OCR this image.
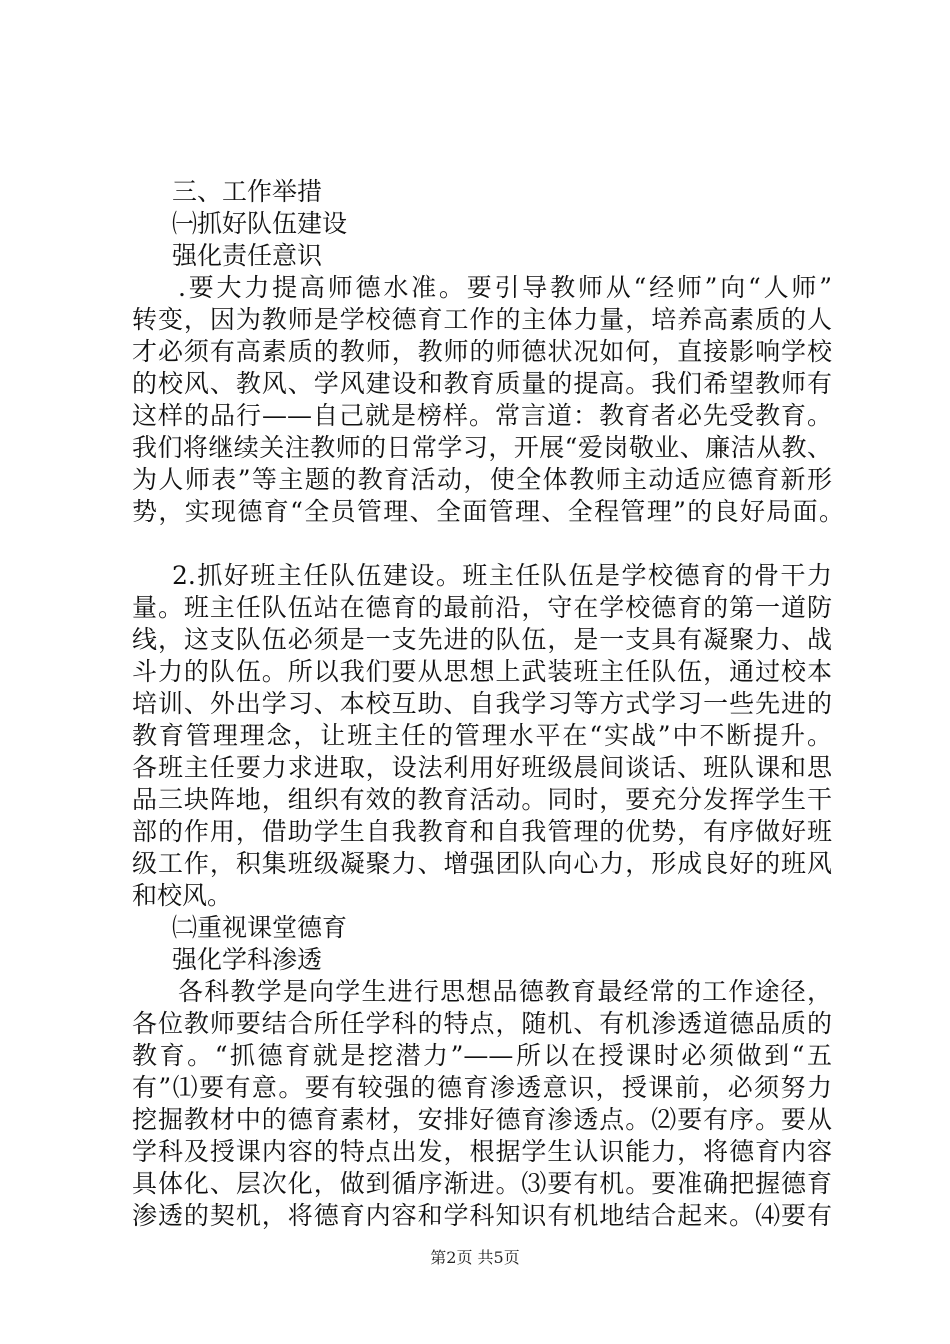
三、工作举措
㈠抓好队伍建设
强化责任意识
.要大力提高师德水准。要引导教师从“经师”向“人师”
转变，因为教师是学校德育工作的主体力量，培养高素质的人
才必须有高素质的教师，教师的师德状况如何，直接影响学校
的校风、教风、学风建设和教育质量的提高。我们希望教师有
这样的品行——自己就是榜样。常言道：教育者必先受教育。
我们将继续关注教师的日常学习，开展“爱岗敬业、廉洁从教、
为人师表”等主题的教育活动，使全体教师主动适应德育新形
势，实现德育“全员管理、全面管理、全程管理”的良好局面。
2.抓好班主任队伍建设。班主任队伍是学校德育的骨干力
量。班主任队伍站在德育的最前沿，守在学校德育的第一道防
线，这支队伍必须是一支先进的队伍，是一支具有凝聚力、战
斗力的队伍。所以我们要从思想上武装班主任队伍，通过校本
培训、外出学习、本校互助、自我学习等方式学习一些先进的
教育管理理念，让班主任的管理水平在“实战”中不断提升。
各班主任要力求进取，设法利用好班级晨间谈话、班队课和思
品三块阵地，组织有效的教育活动。同时，要充分发挥学生干
部的作用，借助学生自我教育和自我管理的优势，有序做好班
级工作，积集班级凝聚力、增强团队向心力，形成良好的班风
和校风。
㈡重视课堂德育
强化学科渗透
各科教学是向学生进行思想品德教育最经常的工作途径，
各位教师要结合所任学科的特点，随机、有机渗透道德品质的
教育。“抓德育就是挖潜力”——所以在授课时必须做到“五
有”⑴要有意。要有较强的德育渗透意识，授课前，必须努力
挖掘教材中的德育素材，安排好德育渗透点。⑵要有序。要从
学科及授课内容的特点出发，根据学生认识能力，将德育内容
具体化、层次化，做到循序渐进。⑶要有机。要准确把握德育
渗透的契机，将德育内容和学科知识有机地结合起来。⑷要有
第2页 共5页
